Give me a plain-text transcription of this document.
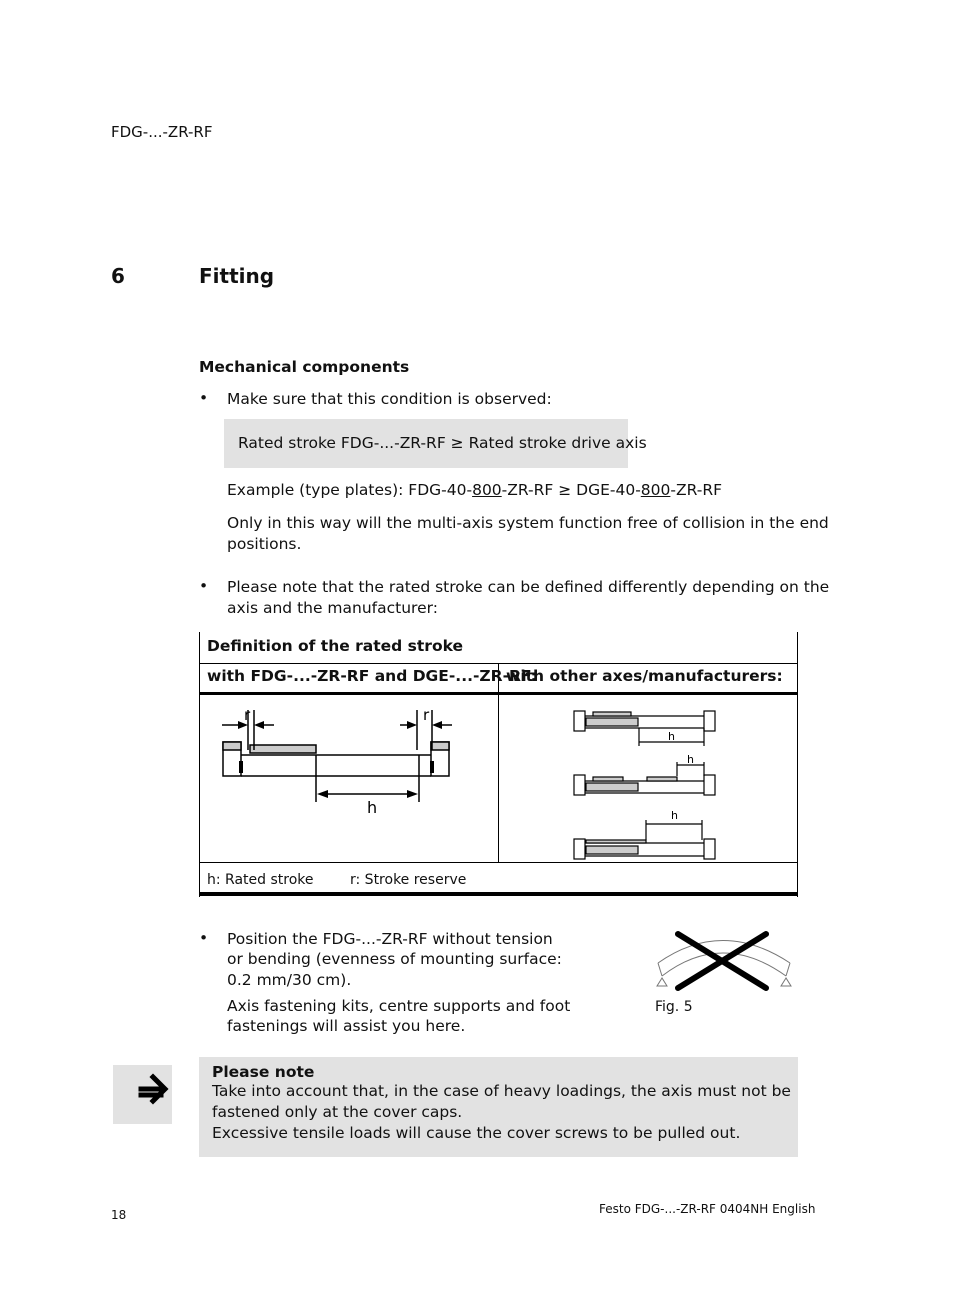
FDG-...-ZR-RF
6	Fitting
Mechanical components
• Make sure that this condition is observed:
Rated stroke FDG-...-ZR-RF ≥ Rated stroke drive axis
Example (type plates): FDG-40-800-ZR-RF ≥ DGE-40-800-ZR-RF
Only in this way will the multi-axis system function free of collision in the end
positions.
• Please note that the rated stroke can be defined differently depending on the
axis and the manufacturer:
Definition of the rated stroke
with FDG-...-ZR-RF and DGE-...-ZR-RF:
with other axes/manufacturers:
h: Rated stroke	r: Stroke reserve
r	r
h
h
h
h
• Position the FDG-...-ZR-RF without tension
or bending (evenness of mounting surface:
0.2 mm/30 cm).
Axis fastening kits, centre supports and foot
fastenings will assist you here.
Fig. 5
Please note
Take into account that, in the case of heavy loadings, the axis must not be
fastened only at the cover caps.
Excessive tensile loads will cause the cover screws to be pulled out.
18	Festo FDG-...-ZR-RF 0404NH English
